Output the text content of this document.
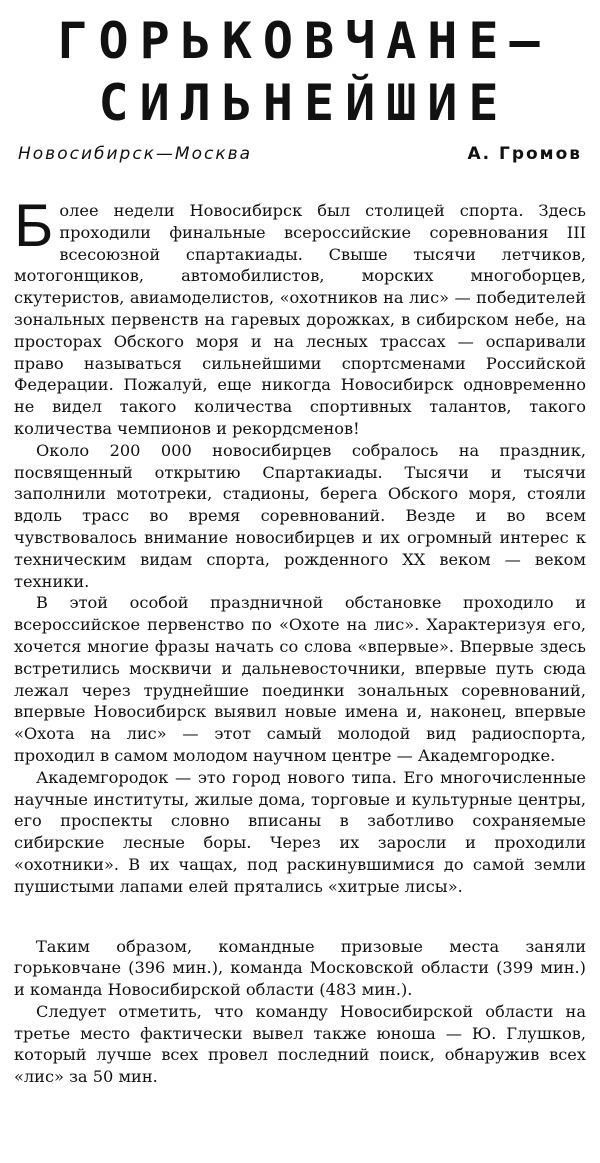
ГОРЬКОВЧАНЕ—
СИЛЬНЕЙШИЕ
Новосибирск—Москва	А. Громов

Более недели Новосибирск был столицей спорта. Здесь проходили финальные всероссийские соревнования III всесоюзной спартакиады. Свыше тысячи летчиков, мотогонщиков, автомобилистов, морских многоборцев, скутеристов, авиамоделистов, «охотников на лис» — победителей зональных первенств на гаревых дорожках, в сибирском небе, на просторах Обского моря и на лесных трассах — оспаривали право называться сильнейшими спортсменами Российской Федерации. Пожалуй, еще никогда Новосибирск одновременно не видел такого количества спортивных талантов, такого количества чемпионов и рекордсменов!

Около 200 000 новосибирцев собралось на праздник, посвященный открытию Спартакиады. Тысячи и тысячи заполнили мототреки, стадионы, берега Обского моря, стояли вдоль трасс во время соревнований. Везде и во всем чувствовалось внимание новосибирцев и их огромный интерес к техническим видам спорта, рожденного XX веком — веком техники.

В этой особой праздничной обстановке проходило и всероссийское первенство по «Охоте на лис». Характеризуя его, хочется многие фразы начать со слова «впервые». Впервые здесь встретились москвичи и дальневосточники, впервые путь сюда лежал через труднейшие поединки зональных соревнований, впервые Новосибирск выявил новые имена и, наконец, впервые «Охота на лис» — этот самый молодой вид радиоспорта, проходил в самом молодом научном центре — Академгородке.

Академгородок — это город нового типа. Его многочисленные научные институты, жилые дома, торговые и культурные центры, его проспекты словно вписаны в заботливо сохраняемые сибирские лесные боры. Через их заросли и проходили «охотники». В их чащах, под раскинувшимися до самой земли пушистыми лапами елей прятались «хитрые лисы».

Таким образом, командные призовые места заняли горьковчане (396 мин.), команда Московской области (399 мин.) и команда Новосибирской области (483 мин.).

Следует отметить, что команду Новосибирской области на третье место фактически вывел также юноша — Ю. Глушков, который лучше всех провел последний поиск, обнаружив всех «лис» за 50 мин.
